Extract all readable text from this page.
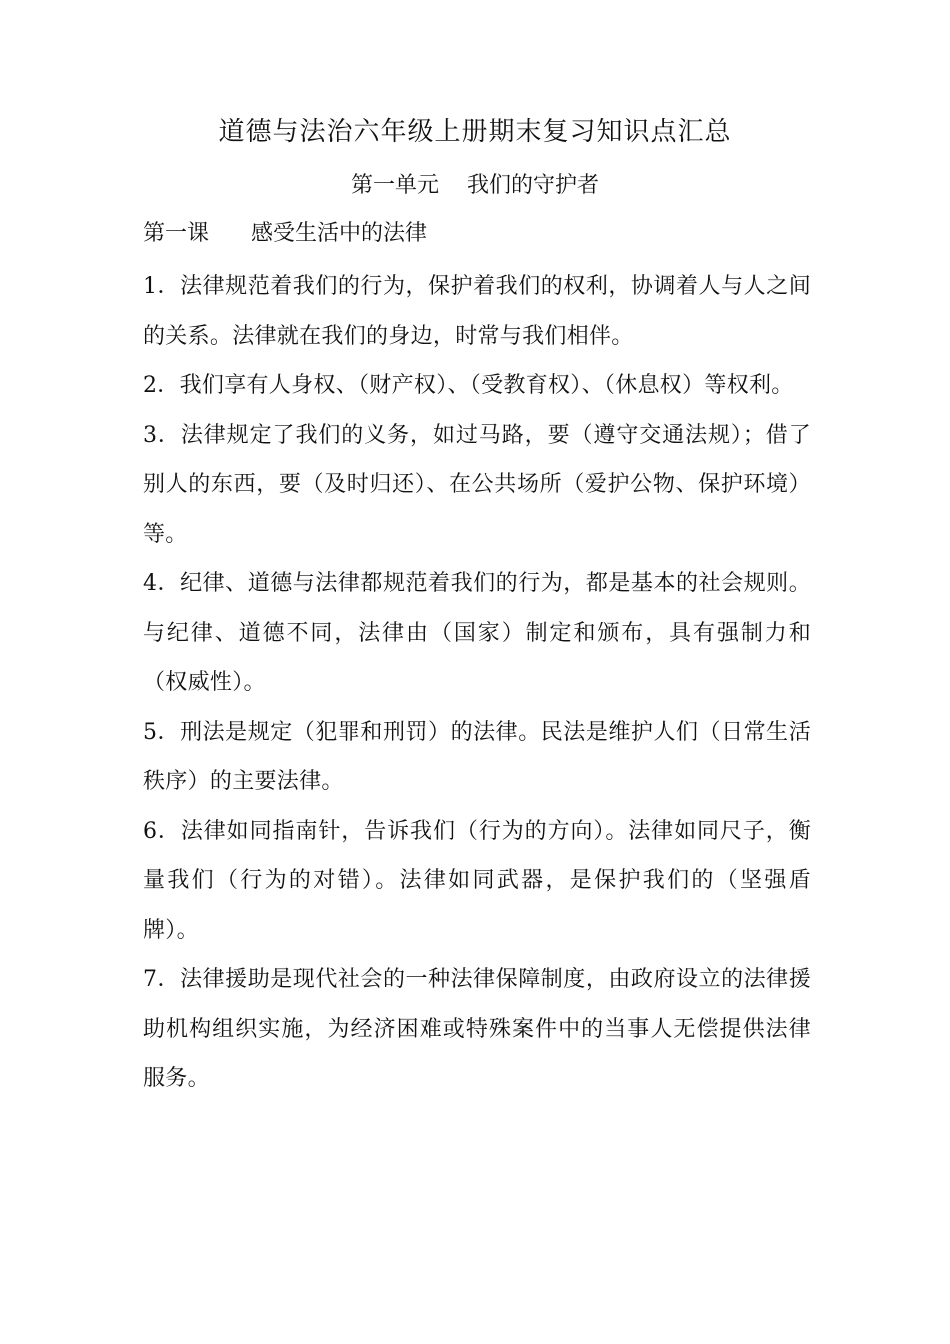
道德与法治六年级上册期末复习知识点汇总
第一单元    我们的守护者
第一课      感受生活中的法律

1．法律规范着我们的行为，保护着我们的权利，协调着人与人之间的关系。法律就在我们的身边，时常与我们相伴。

2．我们享有人身权、（财产权）、（受教育权）、（休息权）等权利。

3．法律规定了我们的义务，如过马路，要（遵守交通法规）；借了别人的东西，要（及时归还）、在公共场所（爱护公物、保护环境）等。

4．纪律、道德与法律都规范着我们的行为，都是基本的社会规则。与纪律、道德不同，法律由（国家）制定和颁布，具有强制力和（权威性）。

5．刑法是规定（犯罪和刑罚）的法律。民法是维护人们（日常生活秩序）的主要法律。

6．法律如同指南针，告诉我们（行为的方向）。法律如同尺子，衡量我们（行为的对错）。法律如同武器，是保护我们的（坚强盾牌）。

7．法律援助是现代社会的一种法律保障制度，由政府设立的法律援助机构组织实施，为经济困难或特殊案件中的当事人无偿提供法律服务。
